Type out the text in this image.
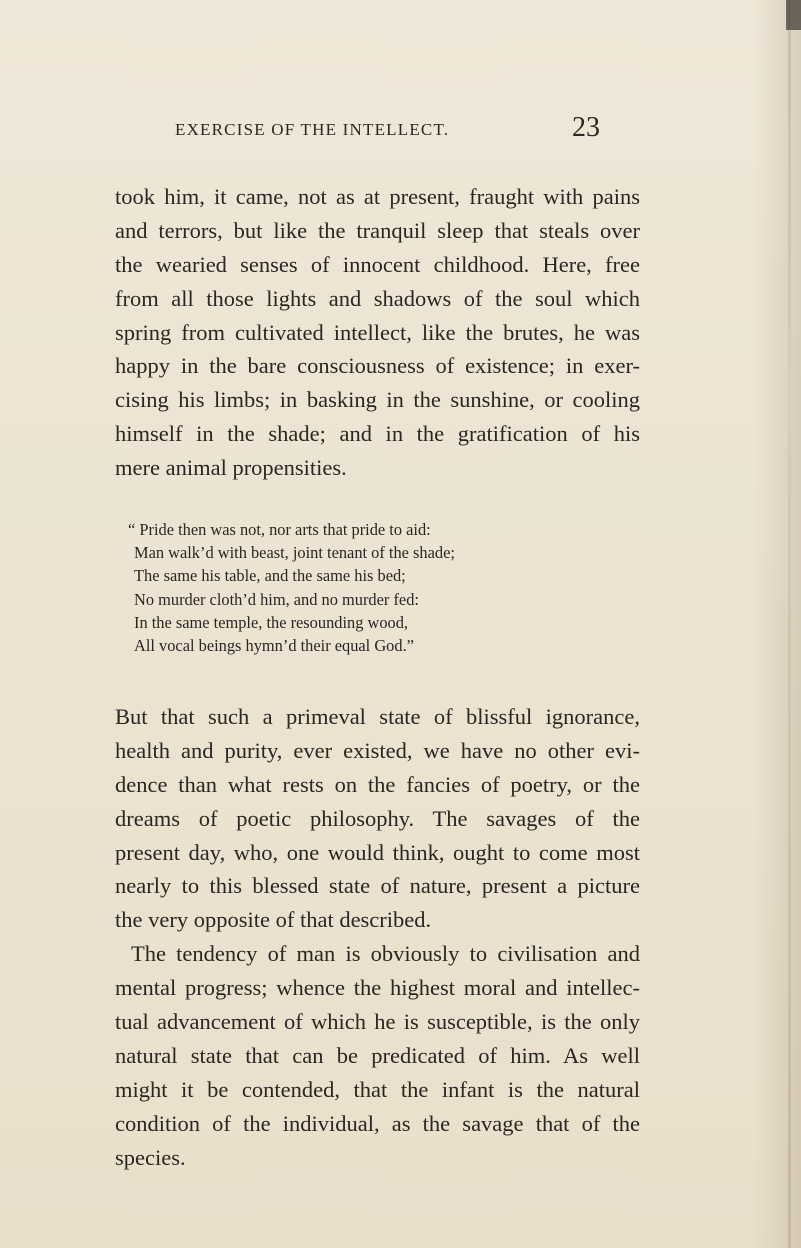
EXERCISE OF THE INTELLECT.	23
took him, it came, not as at present, fraught with pains
and terrors, but like the tranquil sleep that steals over
the wearied senses of innocent childhood. Here, free
from all those lights and shadows of the soul which
spring from cultivated intellect, like the brutes, he was
happy in the bare consciousness of existence; in exer-
cising his limbs; in basking in the sunshine, or cooling
himself in the shade; and in the gratification of his
mere animal propensities.
“ Pride then was not, nor arts that pride to aid:
Man walk’d with beast, joint tenant of the shade;
The same his table, and the same his bed;
No murder cloth’d him, and no murder fed:
In the same temple, the resounding wood,
All vocal beings hymn’d their equal God.”
But that such a primeval state of blissful ignorance,
health and purity, ever existed, we have no other evi-
dence than what rests on the fancies of poetry, or the
dreams of poetic philosophy. The savages of the
present day, who, one would think, ought to come most
nearly to this blessed state of nature, present a picture
the very opposite of that described.
The tendency of man is obviously to civilisation and
mental progress; whence the highest moral and intellec-
tual advancement of which he is susceptible, is the only
natural state that can be predicated of him. As well
might it be contended, that the infant is the natural
condition of the individual, as the savage that of the
species.
